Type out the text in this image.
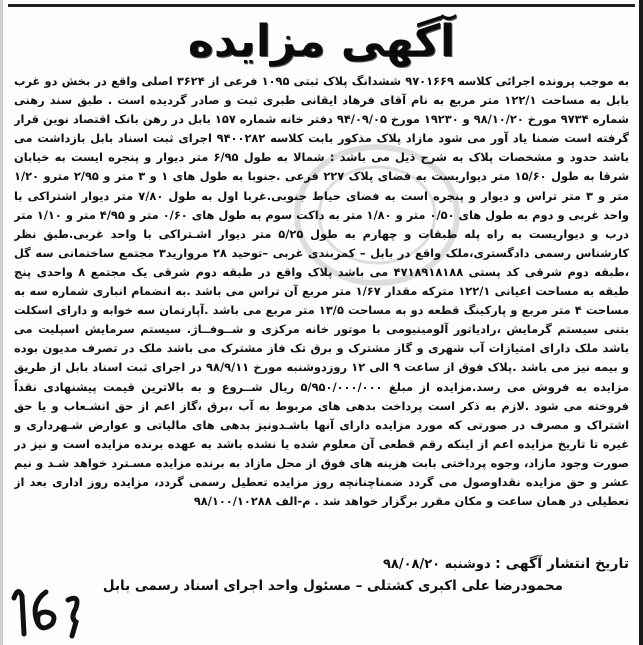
آگهی مزایده
به موجب پرونده اجرائی کلاسه ۹۷۰۱۶۶۹ ششدانگ پلاک ثبتی ۱۰۹۵ فرعی از ۳۶۲۴ اصلی واقع در بخش دو غرب بابل به مساحت ۱۲۲/۱ متر مربع به نام آقای فرهاد ایقانی طبری ثبت و صادر گردیده است . طبق سند رهنی شماره ۹۷۳۴ مورخ ۹۸/۱۰/۲۰ و ۱۹۲۳۰ مورخ ۹۴/۰۹/۰۵ دفتر خانه شماره ۱۵۷ بابل در رهن بانک اقتصاد نوین قرار گرفته است ضمنا یاد آور می شود مازاد پلاک مذکور بابت کلاسه ۹۴۰۰۲۸۲ اجرای ثبت اسناد بابل بازداشت می باشد حدود و مشخصات پلاک به شرح ذیل می باشد : شمالا به طول ۶/۹۵ متر دیوار و پنجره ایست به خیابان شرقا به طول ۱۵/۶۰ متر دیواریست به فضای پلاک ۲۲۷ فرعی .جنوبا به طول های ۱ و ۳ متر و ۲/۹۵ مترو ۱/۲۰ متر و ۳ متر تراس و دیوار و پنجره است به فضای حیاط جنوبی.غربا اول به طول ۷/۸۰ متر دیوار اشتراکی با واحد غربی و دوم به طول های ۰/۵۰ متر و ۱/۸۰ متر به داکت سوم به طول های ۰/۶۰ متر و ۴/۹۵ متر و ۱/۱۰ متر درب و دیواریست به راه پله طبقات و چهارم به طول ۵/۲۵ متر دیوار اشـتراکی با واحد غربی.طبق نظر کارشناس رسمی دادگستری،ملک واقع در بابل – کمربندی غربی –توحید ۲۸ مروارید۳ مجتمع ساختمانی سه گل ،طبقه دوم شرقی کد پستی ۴۷۱۸۹۱۸۱۸۸ می باشد پلاک واقع در طبقه دوم شرقی یک مجتمع ۸ واحدی پنج طبقه به مساحت اعیانی ۱۲۲/۱ مترکه مقدار ۱/۶۷ متر مربع آن تراس می باشد .به انضمام انباری شماره سه به مساحت ۴ متر مربع و پارکینگ قطعه دو به مساحت ۱۳/۵ متر مربع می باشد .آپارتمان سه خوابه و دارای اسکلت بتنی سیستم گرمایش ،رادیاتور آلومینیومی با موتور خانه مرکزی و شــوفــاژ. سیستم سرمایش اسپلیت می باشد ملک دارای امتیازات آب شهری و گاز مشترک و برق تک فاز مشترک می باشد ملک در تصرف مدیون بوده و بیمه نیز می باشد .پلاک فوق از ساعت ۹ الی ۱۲ روزدوشنبه مورخ ۹۸/۹/۱۱ در اجرای ثبت اسناد بابل از طریق مزایده به فروش می رسد.مزایده از مبلغ ۵/۹۵۰/۰۰۰/۰۰۰ ریال شــروع و به بالاترین قیمت پیشنهادی نقداً فروخته می شود .لازم به ذکر است پرداخت بدهی های مربوط به آب ،برق ،گاز اعم از حق انشـعاب و یا حق اشتراک و مصرف در صورتی که مورد مزایده دارای آنها باشـدونیز بدهی های مالیاتی و عوارض شـهرداری و غیره تا تاریخ مزایده اعم از اینکه رقم قطعی آن معلوم شده یا نشده باشد به عهده برنده مزایده است و نیز در صورت وجود مازاد، وجوه پرداختی بابت هزینه های فوق از محل مازاد به برنده مزایده مسـترد خواهد شـد و نیم عشر و حق مزایده نقداوصول می گردد ضمناچنانچه روز مزایده تعطیل رسمی گردد، مزایده روز اداری بعد از تعطیلی در همان ساعت و مکان مقرر برگزار خواهد شد . م-الف ۹۸/۱۰۰/۱۰۲۸۸
تاریخ انتشار آگهی : دوشنبه ۹۸/۰۸/۲۰
محمودرضا علی اکبری کشتلی – مسئول واحد اجرای اسناد رسمی بابل
